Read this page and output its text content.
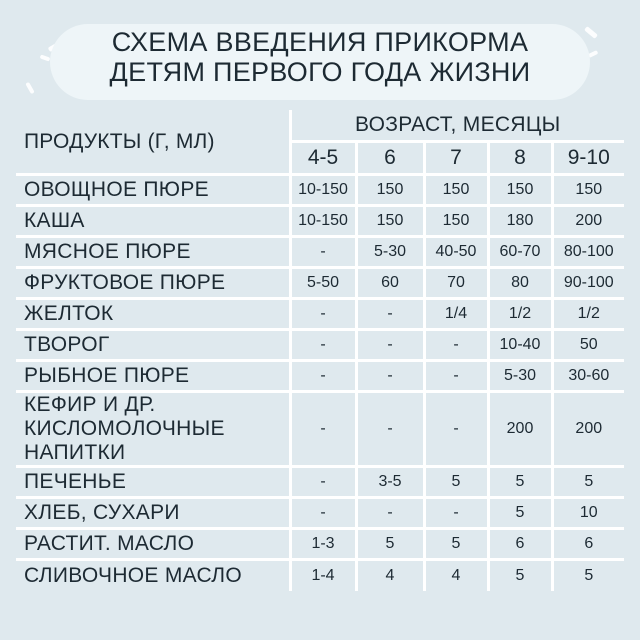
СХЕМА ВВЕДЕНИЯ ПРИКОРМА
ДЕТЯМ ПЕРВОГО ГОДА ЖИЗНИ
ПРОДУКТЫ (Г, МЛ)	ВОЗРАСТ, МЕСЯЦЫ				
	4-5	6	7	8	9-10

ОВОЩНОЕ ПЮРЕ	10-150	150	150	150	150

КАША	10-150	150	150	180	200

МЯСНОЕ ПЮРЕ	-	5-30	40-50	60-70	80-100

ФРУКТОВОЕ ПЮРЕ	5-50	60	70	80	90-100

ЖЕЛТОК	-	-	1/4	1/2	1/2

ТВОРОГ	-	-	-	10-40	50

РЫБНОЕ ПЮРЕ	-	-	-	5-30	30-60

КЕФИР И ДР.
КИСЛОМОЛОЧНЫЕ
НАПИТКИ	-	-	-	200	200

ПЕЧЕНЬЕ	-	3-5	5	5	5

ХЛЕБ, СУХАРИ	-	-	-	5	10

РАСТИТ. МАСЛО	1-3	5	5	6	6

СЛИВОЧНОЕ МАСЛО	1-4	4	4	5	5
